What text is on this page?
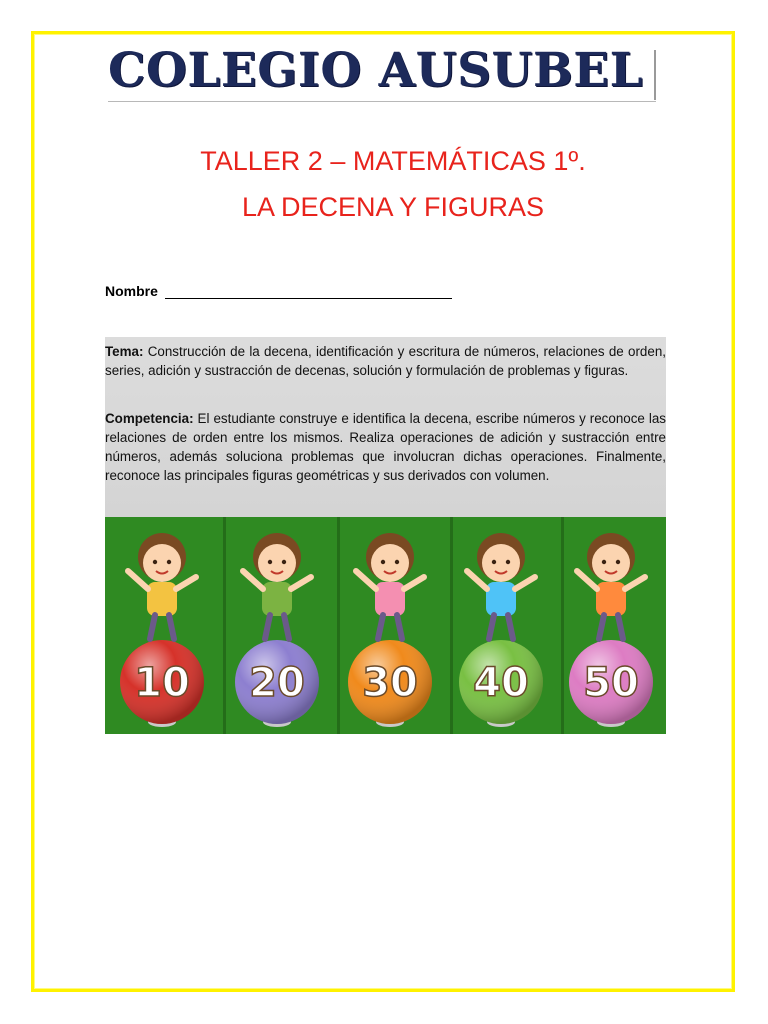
COLEGIO AUSUBEL
TALLER 2 – MATEMÁTICAS 1º.
LA DECENA Y FIGURAS
Nombre
Tema: Construcción de la decena, identificación y escritura de números, relaciones de orden, series, adición y sustracción de decenas, solución y formulación de problemas y figuras.
Competencia: El estudiante construye e identifica la decena, escribe números y reconoce las relaciones de orden entre los mismos. Realiza operaciones de adición y sustracción entre números, además soluciona problemas que involucran dichas operaciones. Finalmente, reconoce las principales figuras geométricas y sus derivados con volumen.
10 20 30 40 50
